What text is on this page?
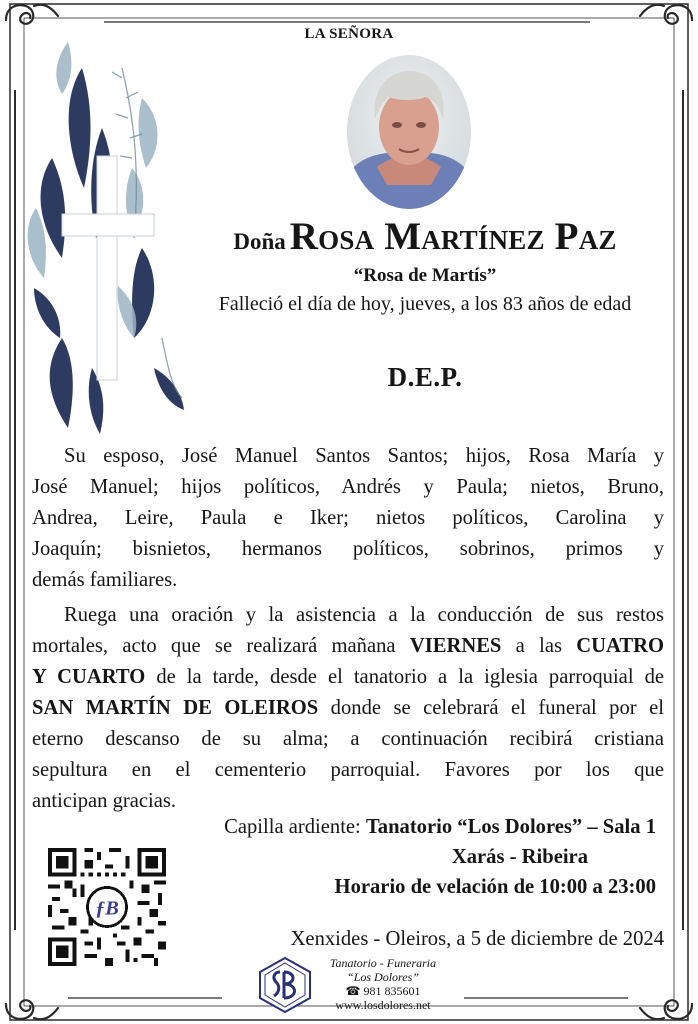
LA SEÑORA
Doña Rosa Martínez Paz
“Rosa de Martís”
Falleció el día de hoy, jueves, a los 83 años de edad
D.E.P.
Su esposo, José Manuel Santos Santos; hijos, Rosa María y
José Manuel; hijos políticos, Andrés y Paula; nietos, Bruno,
Andrea, Leire, Paula e Iker; nietos políticos, Carolina y
Joaquín; bisnietos, hermanos políticos, sobrinos, primos y
demás familiares.
Ruega una oración y la asistencia a la conducción de sus restos
mortales, acto que se realizará mañana VIERNES a las CUATRO
Y CUARTO de la tarde, desde el tanatorio a la iglesia parroquial de
SAN MARTÍN DE OLEIROS donde se celebrará el funeral por el
eterno descanso de su alma; a continuación recibirá cristiana
sepultura en el cementerio parroquial. Favores por los que
anticipan gracias.
Capilla ardiente: Tanatorio “Los Dolores” – Sala 1
Xarás - Ribeira
Horario de velación de 10:00 a 23:00
ƒB
Xenxides - Oleiros, a 5 de diciembre de 2024
Tanatorio - Funeraria
“Los Dolores”
☎ 981 835601
www.losdolores.net
